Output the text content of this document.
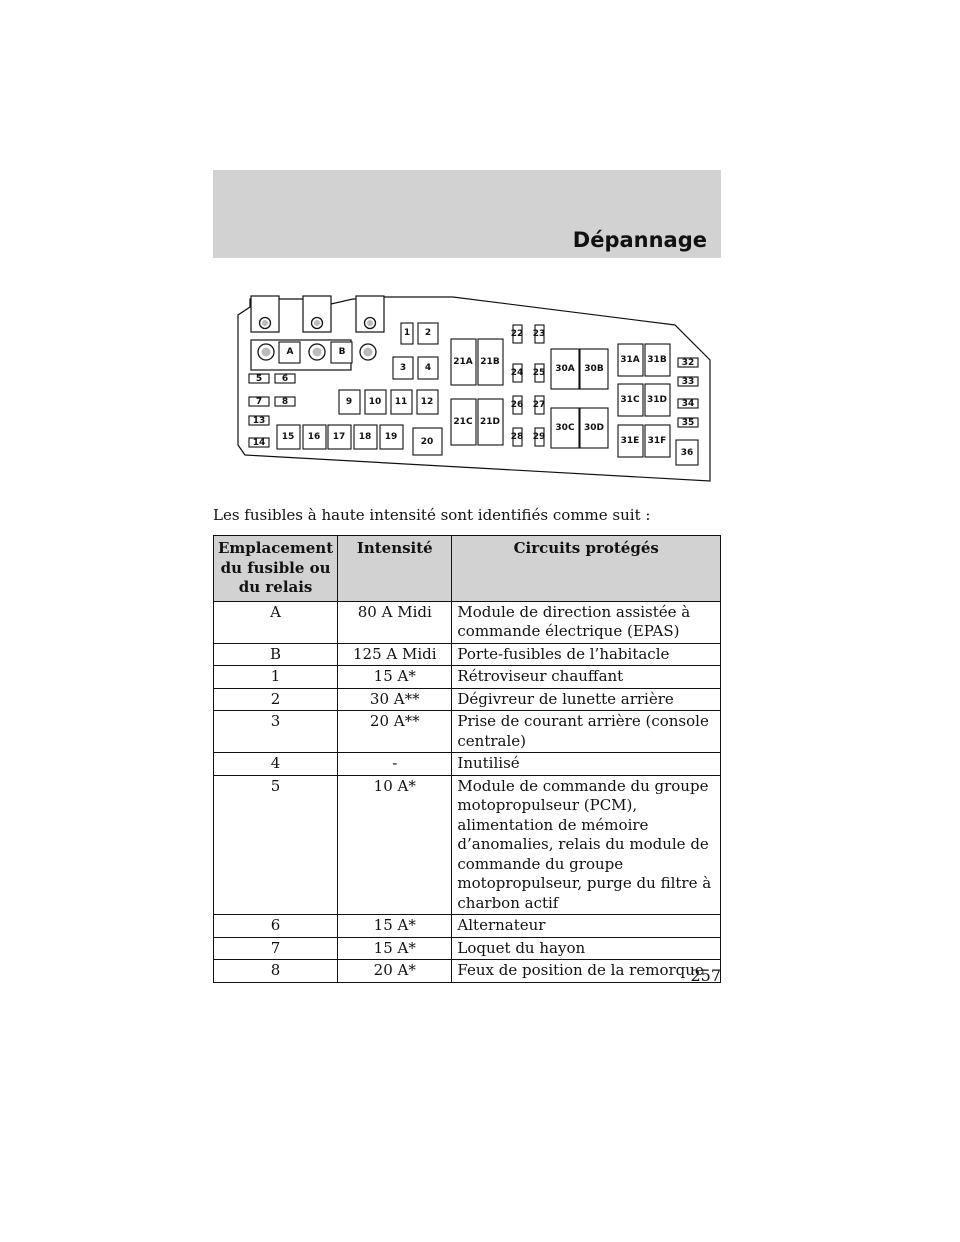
Dépannage
A	B
1 2
3 4
5 6
7 8	9 10 11 12
13
14
15 16 17 18 19	20
21A 21B
21C 21D
22 23
24 25
26 27
28 29
30A 30B
30C 30D
31A 31B
31C 31D
31E 31F
32
33
34
35
36
Les fusibles à haute intensité sont identifiés comme suit :
Emplacement du fusible ou du relais	Intensité	Circuits protégés
A	80 A Midi	Module de direction assistée à commande électrique (EPAS)
B	125 A Midi	Porte-fusibles de l’habitacle
1	15 A*	Rétroviseur chauffant
2	30 A**	Dégivreur de lunette arrière
3	20 A**	Prise de courant arrière (console centrale)
4	-	Inutilisé
5	10 A*	Module de commande du groupe motopropulseur (PCM), alimentation de mémoire d’anomalies, relais du module de commande du groupe motopropulseur, purge du filtre à charbon actif
6	15 A*	Alternateur
7	15 A*	Loquet du hayon
8	20 A*	Feux de position de la remorque
257
